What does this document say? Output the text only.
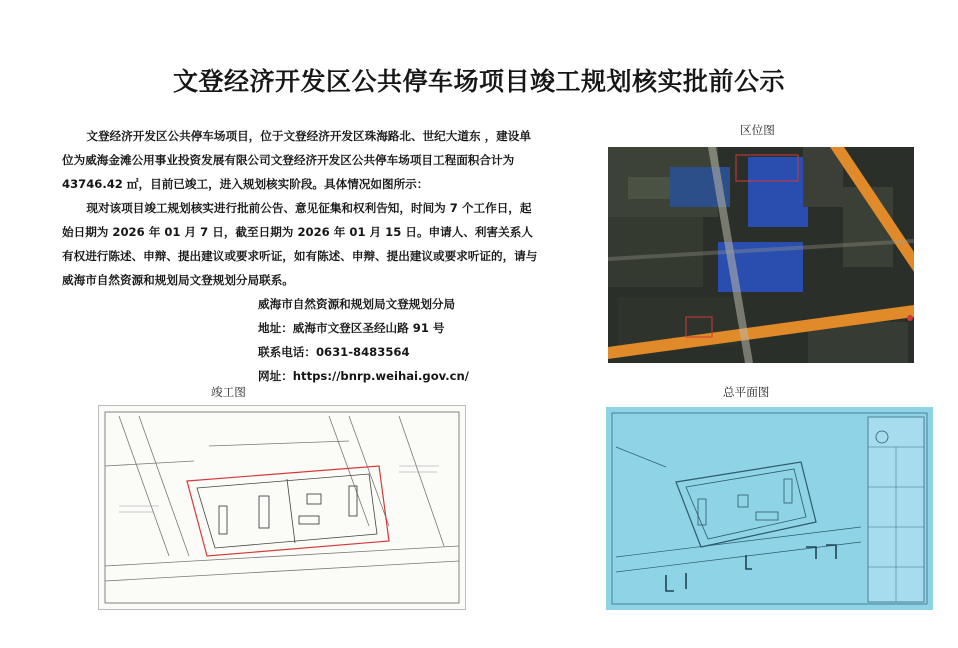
文登经济开发区公共停车场项目竣工规划核实批前公示

文登经济开发区公共停车场项目，位于文登经济开发区珠海路北、世纪大道东 ，建设单位为威海金滩公用事业投资发展有限公司文登经济开发区公共停车场项目工程面积合计为 43746.42 ㎡，目前已竣工，进入规划核实阶段。具体情况如图所示：

现对该项目竣工规划核实进行批前公告、意见征集和权利告知，时间为 7 个工作日，起始日期为 2026 年 01 月 7 日，截至日期为 2026 年 01 月 15 日。申请人、利害关系人有权进行陈述、申辩、提出建议或要求听证，如有陈述、申辩、提出建议或要求听证的，请与威海市自然资源和规划局文登规划分局联系。

威海市自然资源和规划局文登规划分局
地址：威海市文登区圣经山路 91 号
联系电话：0631-8483564
网址：https://bnrp.weihai.gov.cn/
区位图
竣工图	总平面图
